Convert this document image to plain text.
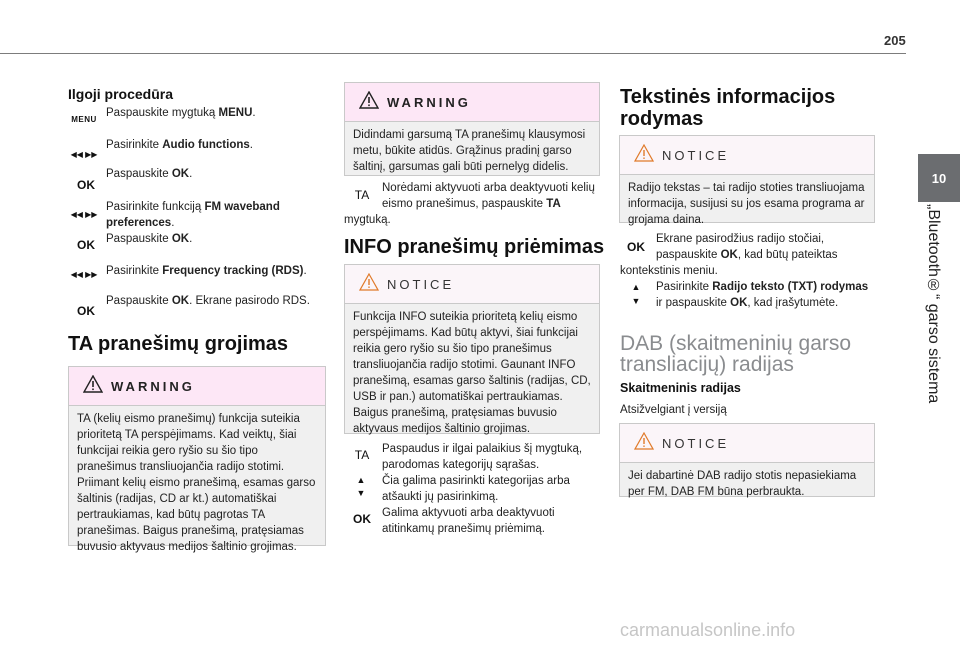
205
10
„Bluetooth®“ garso sistema
Ilgoji procedūra
MENU
Paspauskite mygtuką MENU.
◀◀ ▶▶
Pasirinkite Audio functions.
OK
Paspauskite OK.
◀◀ ▶▶
Pasirinkite funkciją FM waveband preferences.
OK Paspauskite OK.
◀◀ ▶▶ Pasirinkite Frequency tracking (RDS).
OK
Paspauskite OK. Ekrane pasirodo RDS.
TA pranešimų grojimas
WARNING
TA (kelių eismo pranešimų) funkcija suteikia prioritetą TA perspėjimams. Kad veiktų, šiai funkcijai reikia gero ryšio su šio tipo pranešimus transliuojančia radijo stotimi. Priimant kelių eismo pranešimą, esamas garso šaltinis (radijas, CD ar kt.) automatiškai pertraukiamas, kad būtų pagrotas TA pranešimas. Baigus pranešimą, pratęsiamas buvusio aktyvaus medijos šaltinio grojimas.
WARNING
Didindami garsumą TA pranešimų klausymosi metu, būkite atidūs. Grąžinus pradinį garso šaltinį, garsumas gali būti pernelyg didelis.
TA	Norėdami aktyvuoti arba deaktyvuoti kelių eismo pranešimus, paspauskite TA
mygtuką.
INFO pranešimų priėmimas
NOTICE
Funkcija INFO suteikia prioritetą kelių eismo perspėjimams. Kad būtų aktyvi, šiai funkcijai reikia gero ryšio su šio tipo pranešimus transliuojančia radijo stotimi. Gaunant INFO pranešimą, esamas garso šaltinis (radijas, CD, USB ir pan.) automatiškai pertraukiamas. Baigus pranešimą, pratęsiamas buvusio aktyvaus medijos šaltinio grojimas.
TA
▲
▼
OK
Paspaudus ir ilgai palaikius šį mygtuką, parodomas kategorijų sąrašas.
Čia galima pasirinkti kategorijas arba atšaukti jų pasirinkimą.
Galima aktyvuoti arba deaktyvuoti atitinkamų pranešimų priėmimą.
Tekstinės informacijos
rodymas
NOTICE
Radijo tekstas – tai radijo stoties transliuojama informacija, susijusi su jos esama programa ar grojama daina.
OK
Ekrane pasirodžius radijo stočiai, paspauskite OK, kad būtų pateiktas
kontekstinis meniu.
▲
▼
Pasirinkite Radijo teksto (TXT) rodymas
ir paspauskite OK, kad įrašytumėte.
DAB (skaitmeninių garso
transliacijų) radijas
Skaitmeninis radijas
Atsižvelgiant į versiją
NOTICE
Jei dabartinė DAB radijo stotis nepasiekiama per FM, DAB FM būna perbraukta.
carmanualsonline.info
